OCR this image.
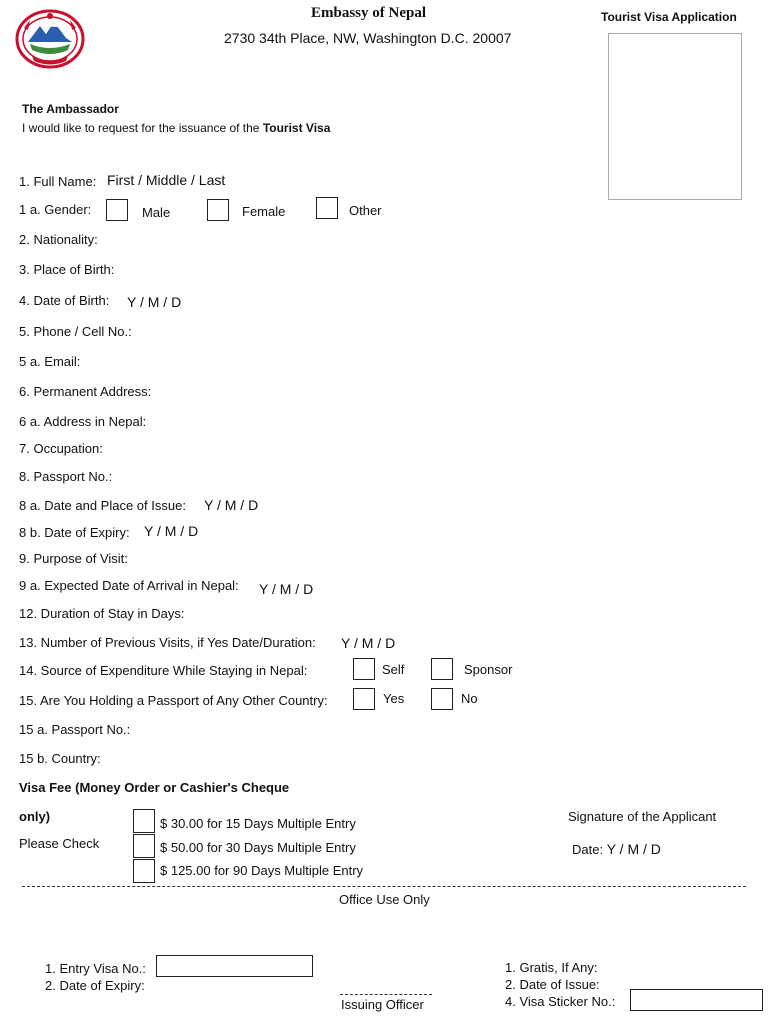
Embassy of Nepal
2730 34th Place, NW, Washington D.C. 20007
Tourist Visa Application
The Ambassador
I would like to request for the issuance of the Tourist Visa
1. Full Name: First / Middle / Last
1 a. Gender:	Male	Female	Other
2. Nationality:
3. Place of Birth:
4. Date of Birth: Y / M / D
5. Phone / Cell No.:
5 a. Email:
6. Permanent Address:
6 a. Address in Nepal:
7. Occupation:
8. Passport No.:
8 a. Date and Place of Issue: Y / M / D
8 b. Date of Expiry: Y / M / D
9. Purpose of Visit:
9 a. Expected Date of Arrival in Nepal: Y / M / D
12. Duration of Stay in Days:
13. Number of Previous Visits, if Yes Date/Duration: Y / M / D
14. Source of Expenditure While Staying in Nepal:	Self	Sponsor
15. Are You Holding a Passport of Any Other Country:	Yes	No
15 a. Passport No.:
15 b. Country:
Visa Fee (Money Order or Cashier's Cheque
only)
Please Check
$ 30.00 for 15 Days Multiple Entry
$ 50.00 for 30 Days Multiple Entry
$ 125.00 for 90 Days Multiple Entry
Signature of the Applicant
Date: Y / M / D
Office Use Only
1. Entry Visa No.:
2. Date of Expiry:
Issuing Officer
1. Gratis, If Any:
2. Date of Issue:
4. Visa Sticker No.:
